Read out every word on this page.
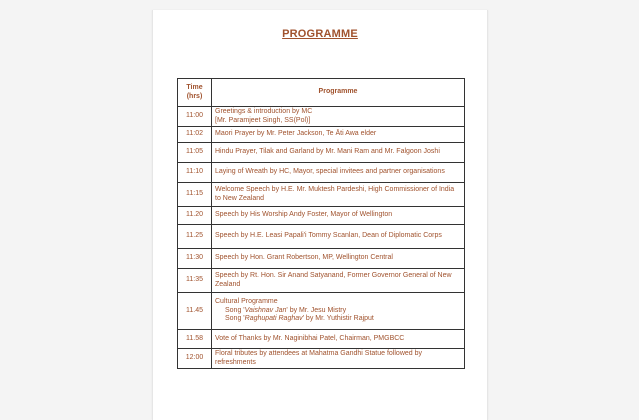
PROGRAMME
Time (hrs)	Programme
11:00	Greetings & introduction by MC
[Mr. Paramjeet Singh, SS(Pol)]

11:02	Maori Prayer by Mr. Peter Jackson, Te Āti Awa elder

11:05	Hindu Prayer, Tilak and Garland by Mr. Mani Ram and Mr. Falgoon Joshi

11:10	Laying of Wreath by HC, Mayor, special invitees and partner organisations

11:15	Welcome Speech by H.E. Mr. Muktesh Pardeshi, High Commissioner of India to New Zealand

11.20	Speech by His Worship Andy Foster, Mayor of Wellington

11.25	Speech by H.E. Leasi Papali'i Tommy Scanlan, Dean of Diplomatic Corps

11:30	Speech by Hon. Grant Robertson, MP, Wellington Central

11:35	Speech by Rt. Hon. Sir Anand Satyanand, Former Governor General of New Zealand

11.45	Cultural Programme
Song 'Vaishnav Jan' by Mr. Jesu Mistry
Song 'Raghupati Raghav' by Mr. Yuthistir Rajput

11.58	Vote of Thanks by Mr. Naginibhai Patel, Chairman, PMGBCC

12:00	Floral tributes by attendees at Mahatma Gandhi Statue followed by refreshments
